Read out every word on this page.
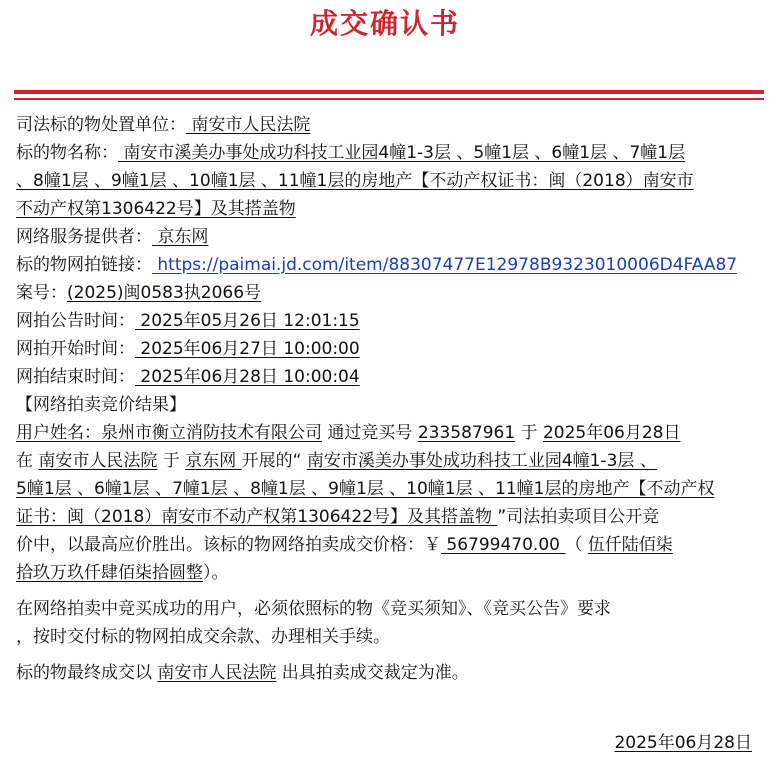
成交确认书
司法标的物处置单位： 南安市人民法院
标的物名称： 南安市溪美办事处成功科技工业园4幢1-3层 、5幢1层 、6幢1层 、7幢1层
、8幢1层 、9幢1层 、10幢1层 、11幢1层的房地产【不动产权证书：闽（2018）南安市
不动产权第1306422号】及其搭盖物
网络服务提供者： 京东网
标的物网拍链接： https://paimai.jd.com/item/88307477E12978B9323010006D4FAA87
案号：(2025)闽0583执2066号
网拍公告时间： 2025年05月26日 12:01:15
网拍开始时间： 2025年06月27日 10:00:00
网拍结束时间： 2025年06月28日 10:00:04
【网络拍卖竞价结果】
用户姓名：泉州市衡立消防技术有限公司 通过竞买号 233587961 于 2025年06月28日
在 南安市人民法院 于 京东网 开展的“ 南安市溪美办事处成功科技工业园4幢1-3层 、
5幢1层 、6幢1层 、7幢1层 、8幢1层 、9幢1层 、10幢1层 、11幢1层的房地产【不动产权
证书：闽（2018）南安市不动产权第1306422号】及其搭盖物 ”司法拍卖项目公开竞
价中，以最高应价胜出。该标的物网络拍卖成交价格：￥ 56799470.00 （ 伍仟陆佰柒
拾玖万玖仟肆佰柒拾圆整）。
在网络拍卖中竞买成功的用户，必须依照标的物《竞买须知》、《竞买公告》要求
，按时交付标的物网拍成交余款、办理相关手续。
标的物最终成交以 南安市人民法院 出具拍卖成交裁定为准。
2025年06月28日
